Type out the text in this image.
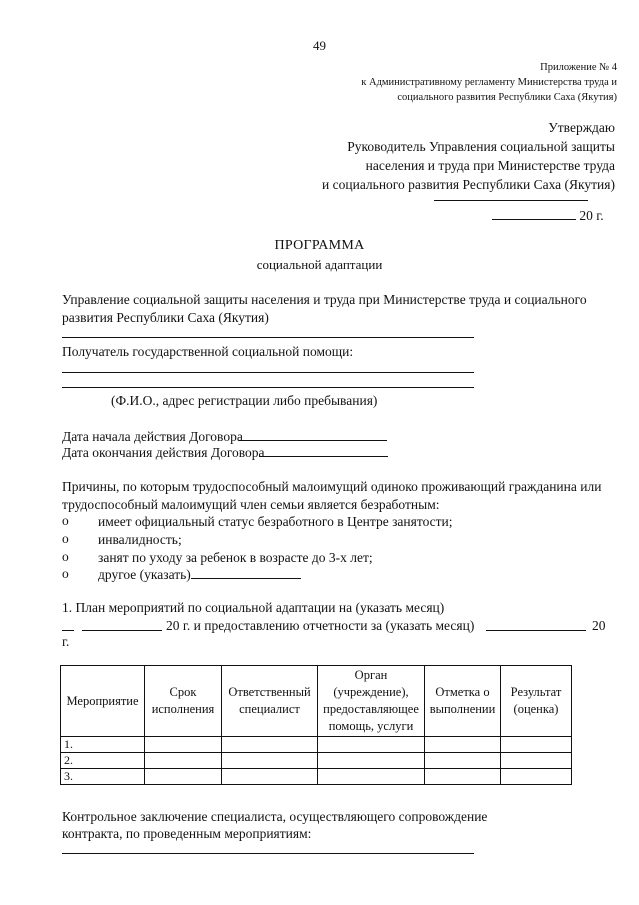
49
Приложение № 4
к Административному регламенту Министерства труда и
социального развития Республики Саха (Якутия)
Утверждаю
Руководитель Управления социальной защиты
населения и труда при Министерстве труда
и социального развития Республики Саха (Якутия)
20 г.
ПРОГРАММА
социальной адаптации
Управление социальной защиты населения и труда при Министерстве труда и социального
развития Республики Саха (Якутия)
Получатель государственной социальной помощи:
(Ф.И.О., адрес регистрации либо пребывания)
Дата начала действия Договора
Дата окончания действия Договора
Причины, по которым трудоспособный малоимущий одиноко проживающий гражданина или
трудоспособный малоимущий член семьи является безработным:
o имеет официальный статус безработного в Центре занятости;
o инвалидность;
o занят по уходу за ребенок в возрасте до 3-х лет;
o другое (указать)
1. План мероприятий по социальной адаптации на (указать месяц)
20 г. и предоставлению отчетности за (указать месяц)	20
г.
Мероприятие	Срок исполнения	Ответственный специалист	Орган (учреждение), предоставляющее помощь, услуги	Отметка о выполнении	Результат (оценка)
1.					
2.					
3.					
Контрольное заключение специалиста, осуществляющего сопровождение
контракта, по проведенным мероприятиям:
